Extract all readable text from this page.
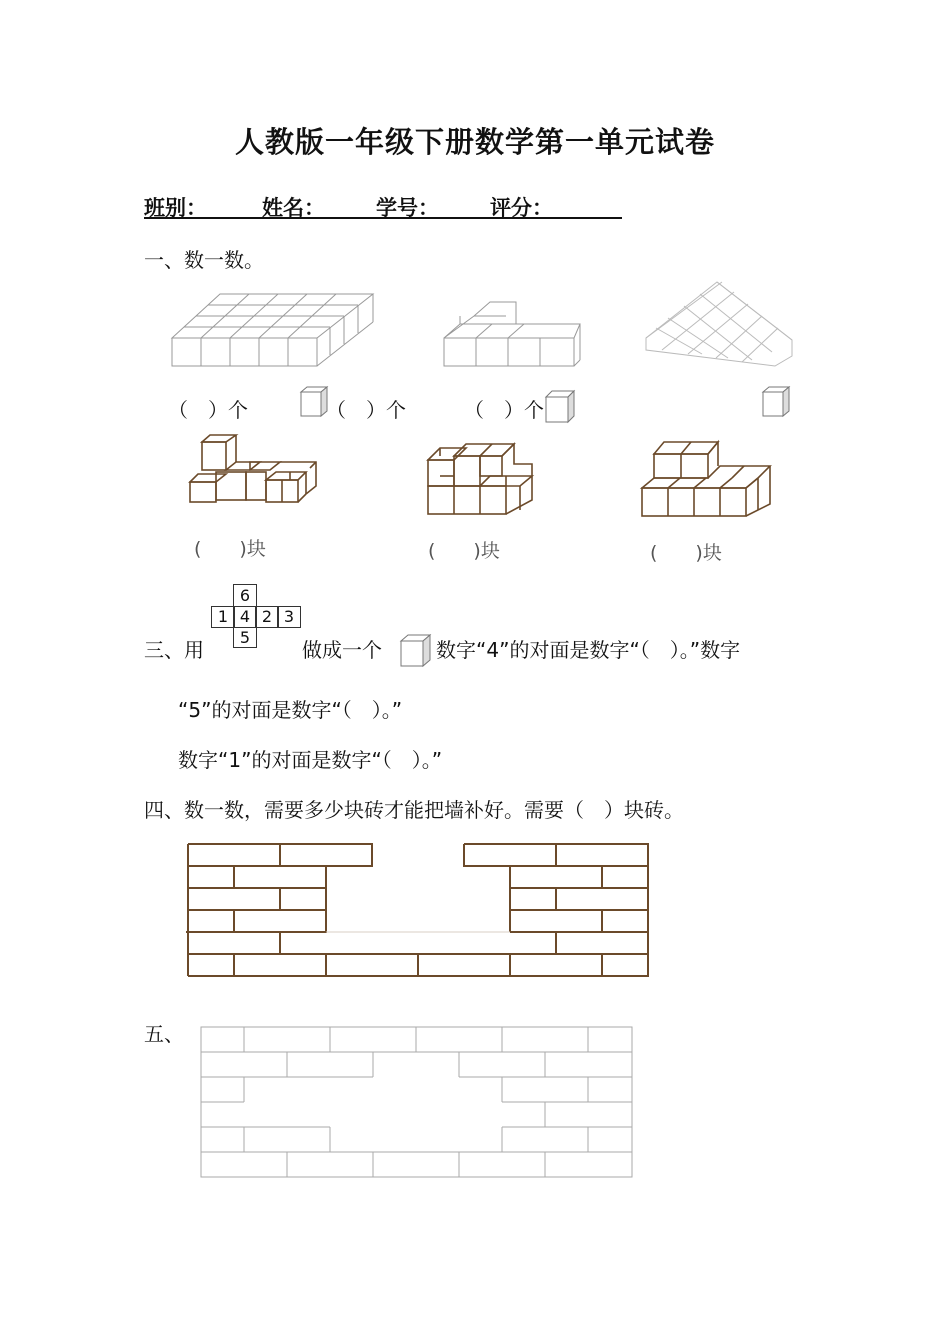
人教版一年级下册数学第一单元试卷
班别：	姓名： 学号： 评分：
一、数一数。
（　）个	（　）个	（　）个
(　　)块	(　　)块	(　　)块
三、用
6
1 4 2 3
5
做成一个	数字“4”的对面是数字“（　）。”数字
“5”的对面是数字“（　）。”
数字“1”的对面是数字“（　）。”
四、数一数，需要多少块砖才能把墙补好。需要（　）块砖。
五、
